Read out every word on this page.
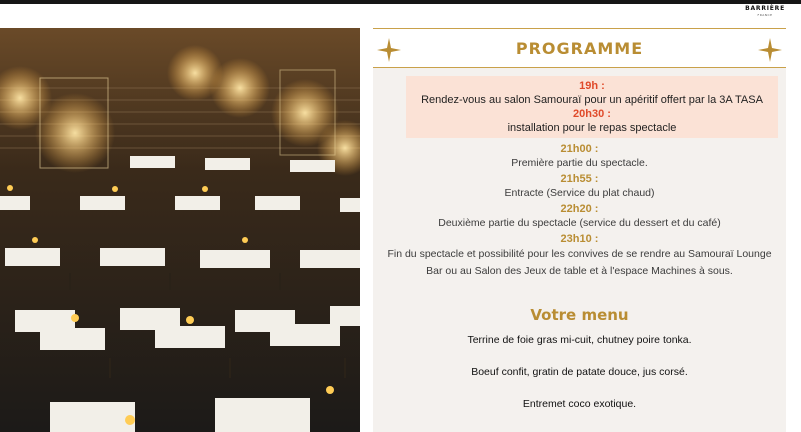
BARRIÈRE
FRANCE
PROGRAMME
19h :
Rendez-vous au salon Samouraï pour un apéritif offert par la 3A TASA
20h30 :
installation pour le repas spectacle
21h00 :
Première partie du spectacle.
21h55 :
Entracte (Service du plat chaud)
22h20 :
Deuxième partie du spectacle (service du dessert et du café)
23h10 :
Fin du spectacle et possibilité pour les convives de se rendre au Samouraï Lounge Bar ou au Salon des Jeux de table et à l'espace Machines à sous.
Votre menu
Terrine de foie gras mi-cuit, chutney poire tonka.
Boeuf confit, gratin de patate douce, jus corsé.
Entremet coco exotique.
